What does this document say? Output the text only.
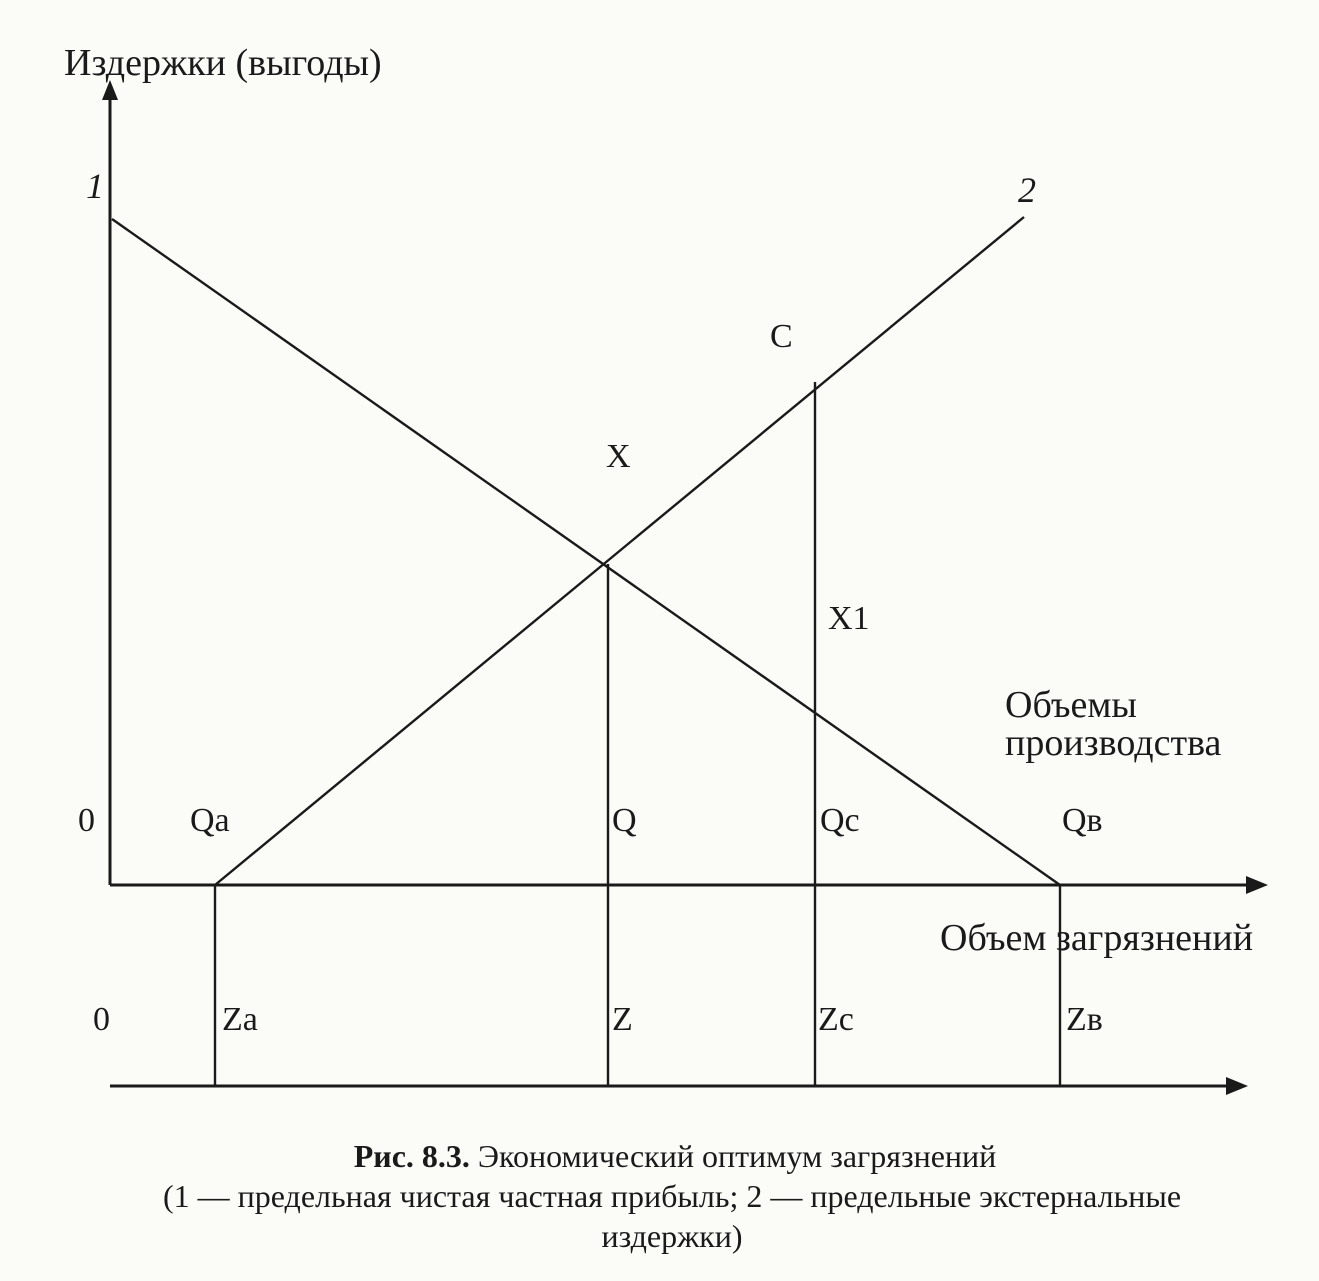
Издержки (выгоды)
1	2
С
X
X1
Объемы
производства
0	Qa	Q	Qc	Qв
Объем загрязнений
0	Za	Z	Zc	Zв
Рис. 8.3. Экономический оптимум загрязнений
(1 — предельная чистая частная прибыль; 2 — предельные экстернальные
издержки)
